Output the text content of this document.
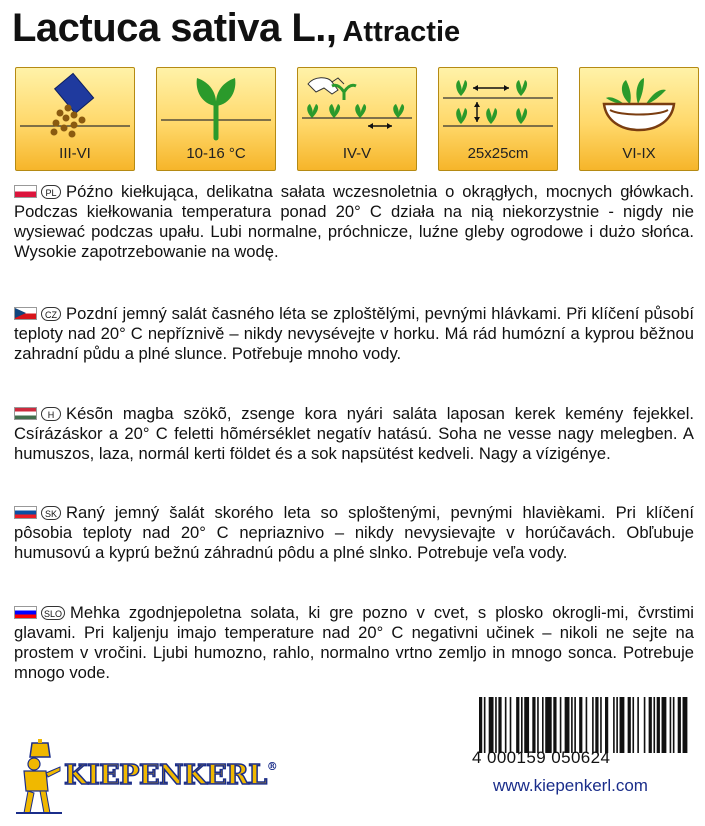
Lactuca sativa L., Attractie
III-VI	10-16 °C	IV-V	25x25cm	VI-IX
PL Późno kiełkująca, delikatna sałata wczesnoletnia o okrągłych, mocnych główkach. Podczas kiełkowania temperatura ponad 20° C działa na nią niekorzystnie - nigdy nie wysiewać podczas upału. Lubi normalne, próchnicze, luźne gleby ogrodowe i dużo słońca. Wysokie zapotrzebowanie na wodę.
CZ Pozdní jemný salát časného léta se zploštělými, pevnými hlávkami. Při klíčení působí teploty nad 20° C nepříznivě – nikdy nevysévejte v horku. Má rád humózní a kyprou běžnou zahradní půdu a plné slunce. Potřebuje mnoho vody.
H Késõn magba szökõ, zsenge kora nyári saláta laposan kerek kemény fejekkel. Csírázáskor a 20° C feletti hõmérséklet negatív hatású. Soha ne vesse nagy melegben. A humuszos, laza, normál kerti földet és a sok napsütést kedveli. Nagy a vízigénye.
SK Raný jemný šalát skorého leta so sploštenými, pevnými hlavièkami. Pri klíčení pôsobia teploty nad 20° C nepriaznivo – nikdy nevysievajte v horúčavách. Obľubuje humusovú a kyprú bežnú záhradnú pôdu a plné slnko. Potrebuje veľa vody.
SLO Mehka zgodnjepoletna solata, ki gre pozno v cvet, s plosko okrogli-mi, čvrstimi glavami. Pri kaljenju imajo temperature nad 20° C negativni učinek – nikoli ne sejte na prostem v vročini. Ljubi humozno, rahlo, normalno vrtno zemljo in mnogo sonca. Potrebuje mnogo vode.
4 000159 050624
www.kiepenkerl.com
KIEPENKERL®
